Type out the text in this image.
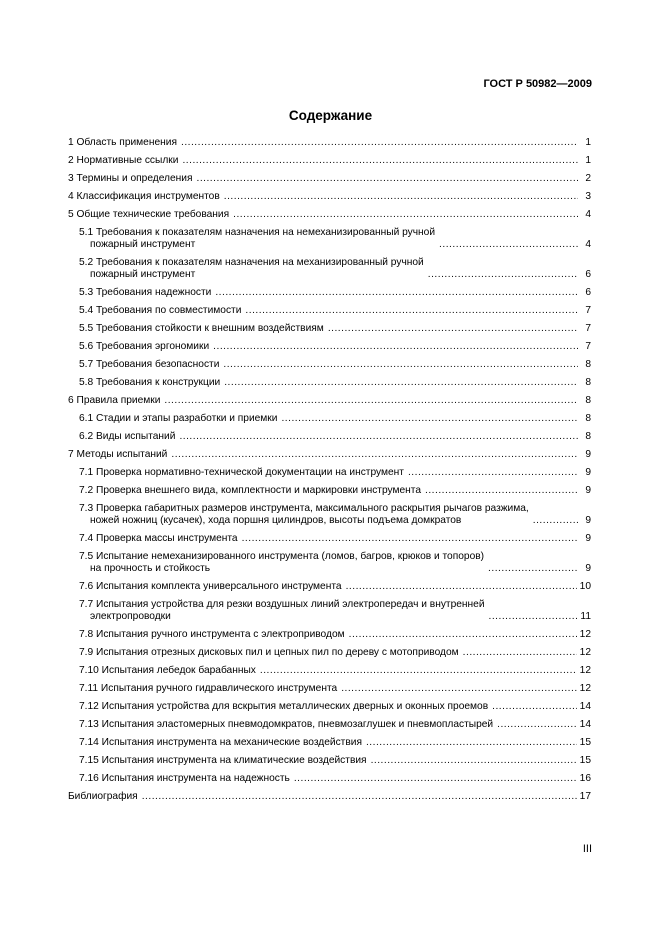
ГОСТ Р 50982—2009
Содержание
1 Область применения .....	1
2 Нормативные ссылки .....	1
3 Термины и определения .....	2
4 Классификация инструментов .....	3
5 Общие технические требования .....	4
5.1 Требования к показателям назначения на немеханизированный ручной
пожарный инструмент .....	4
5.2 Требования к показателям назначения на механизированный ручной
пожарный инструмент .....	6
5.3 Требования надежности .....	6
5.4 Требования по совместимости .....	7
5.5 Требования стойкости к внешним воздействиям .....	7
5.6 Требования эргономики .....	7
5.7 Требования безопасности .....	8
5.8 Требования к конструкции .....	8
6 Правила приемки .....	8
6.1 Стадии и этапы разработки и приемки .....	8
6.2 Виды испытаний .....	8
7 Методы испытаний .....	9
7.1 Проверка нормативно-технической документации на инструмент .....	9
7.2 Проверка внешнего вида, комплектности и маркировки инструмента .....	9
7.3 Проверка габаритных размеров инструмента, максимального раскрытия рычагов разжима,
ножей ножниц (кусачек), хода поршня цилиндров, высоты подъема домкратов .....	9
7.4 Проверка массы инструмента .....	9
7.5 Испытание немеханизированного инструмента (ломов, багров, крюков и топоров)
на прочность и стойкость .....	9
7.6 Испытания комплекта универсального инструмента .....	10
7.7 Испытания устройства для резки воздушных линий электропередач и внутренней
электропроводки .....	11
7.8 Испытания ручного инструмента с электроприводом .....	12
7.9 Испытания отрезных дисковых пил и цепных пил по дереву с мотоприводом .....	12
7.10 Испытания лебедок барабанных .....	12
7.11 Испытания ручного гидравлического инструмента .....	12
7.12 Испытания устройства для вскрытия металлических дверных и оконных проемов .....	14
7.13 Испытания эластомерных пневмодомкратов, пневмозаглушек и пневмопластырей .....	14
7.14 Испытания инструмента на механические воздействия .....	15
7.15 Испытания инструмента на климатические воздействия .....	15
7.16 Испытания инструмента на надежность .....	16
Библиография .....	17
III
